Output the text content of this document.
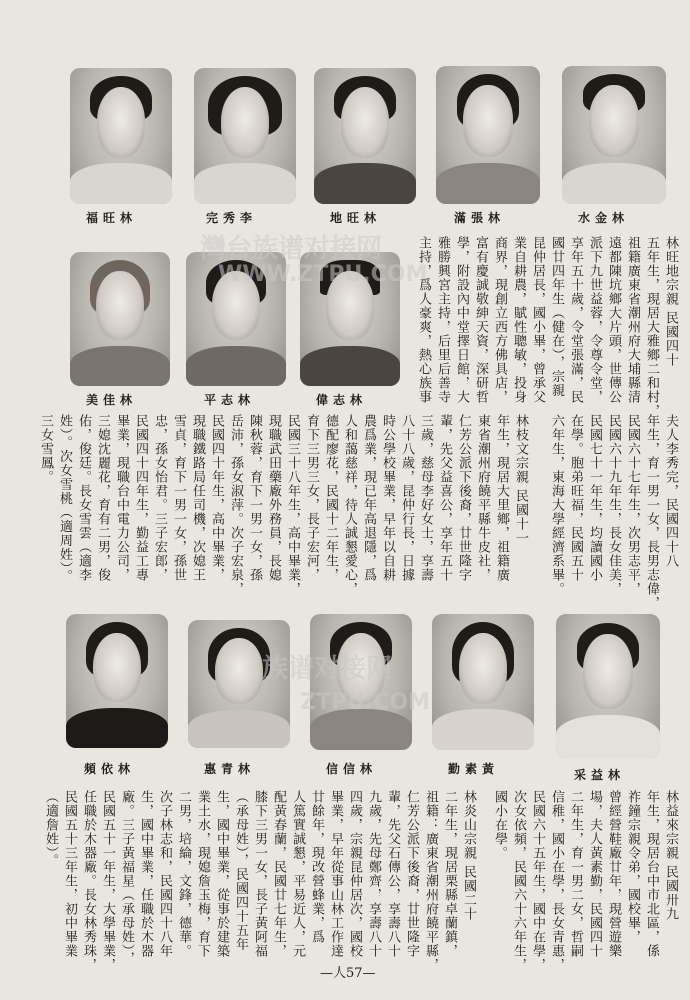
福旺林	完秀李	地旺林	滿張林	水金林
美佳林	平志林	偉志林
灣台族谱对接网
WWW.ZTPU.COM	林旺地宗親 民國四十
五年生，現居大雅鄉二和村，
祖籍廣東省潮州府大埔縣清
遠都陳坑鄉大片頭，世傳公
派下九世益蓉，令尊令堂，
享年五十歲，令堂張滿，民
國廿四年生（健在），宗親
昆仲居長，國小畢，曾承父
業自耕農，賦性聰敏，投身
商界，現創立西方佛具店，
富有慶誠敬紳天資，深研哲
學，附設內中堂擇日館，大
雅勝興宮主持，后里后善寺
主持，爲人豪爽，熱心族事
夫人李秀完，民國四十八
年生，育一男一女，長男志偉，
民國六十七年生，次男志平，
民國六十九年生，長女佳美，
民國七十一年生，均讀國小
在學。胞弟旺福，民國五十
六年生，東海大學經濟系畢。
林枝文宗親 民國十一
年生，現居大里鄉，祖籍廣
東省潮州府饒平縣牛皮社，
仁芳公派下後裔，廿世隆字
輩，先父益喜公，享年五十
三歲，慈母李好女士，享壽
八十八歲，昆仲行長，日據
時公學校畢業，早年以自耕
農爲業，現已年高退隱，爲
人和藹慈祥，待人誠懇愛心，
德配廖花，民國十二年生，
育下三男三女，長子宏河，
民國三十八年生，高中畢業，
現職武田藥廠外務員，長媳
陳秋蓉，育下一男一女，孫
岳沛，孫女淑萍。次子宏泉，
民國四十年生，高中畢業，
現職鐵路局任司機，次媳王
雪貞，育下一男一女，孫世
忠，孫女怡君。三子宏郎，
民國四十四年生，勤益工專
畢業，現職台中電力公司，
三媳沈麗花，育有二男，俊
佑，俊廷。長女雪雲（適李
姓）。次女雪桃（適周姓）。
三女雪鳳。
族谱对接网
ZTPU.COM
頻依林	惠青林	信信林	勤素黃	采益林
林益來宗親 民國卅九
年生，現居台中市北區，係
祚鐘宗親令弟，國校畢，
曾經營鞋廠廿年，現營遊樂
場，夫人黃素勤，民國四十
二年生，育一男二女，哲嗣
信稚，國小在學，長女青惠，
民國六十五年生，國中在學，
次女依頻，民國六十六年生，
國小在學。
林炎山宗親 民國二十
二年生，現居栗縣卓蘭鎮，
祖籍：廣東省潮州府饒平縣，
仁芳公派下後裔，廿世隆字
輩，先父石傳公，享壽八十
九歲，先母鄭齊，享壽八十
四歲，宗親昆仲居次，國校
畢業，早年從事山林工作達
廿餘年，現改營蜂業，爲
人篤實誠懇，平易近人，元
配黃春蘭，民國廿七年生，
膝下三男一女，長子黃阿福
（承母姓），民國四十五年
生，國中畢業，從事於建築
業土水，現媳詹玉梅，育下
二男，培綸，文鋒，德華。
次子林志和，民國四十八年
生，國中畢業，任職於木器
廠。三子黃福星（承母姓），
民國五十一年生，大學畢業，
任職於木器廠。長女林秀珠，
民國五十三年生，初中畢業
（適詹姓）。
—人57—
